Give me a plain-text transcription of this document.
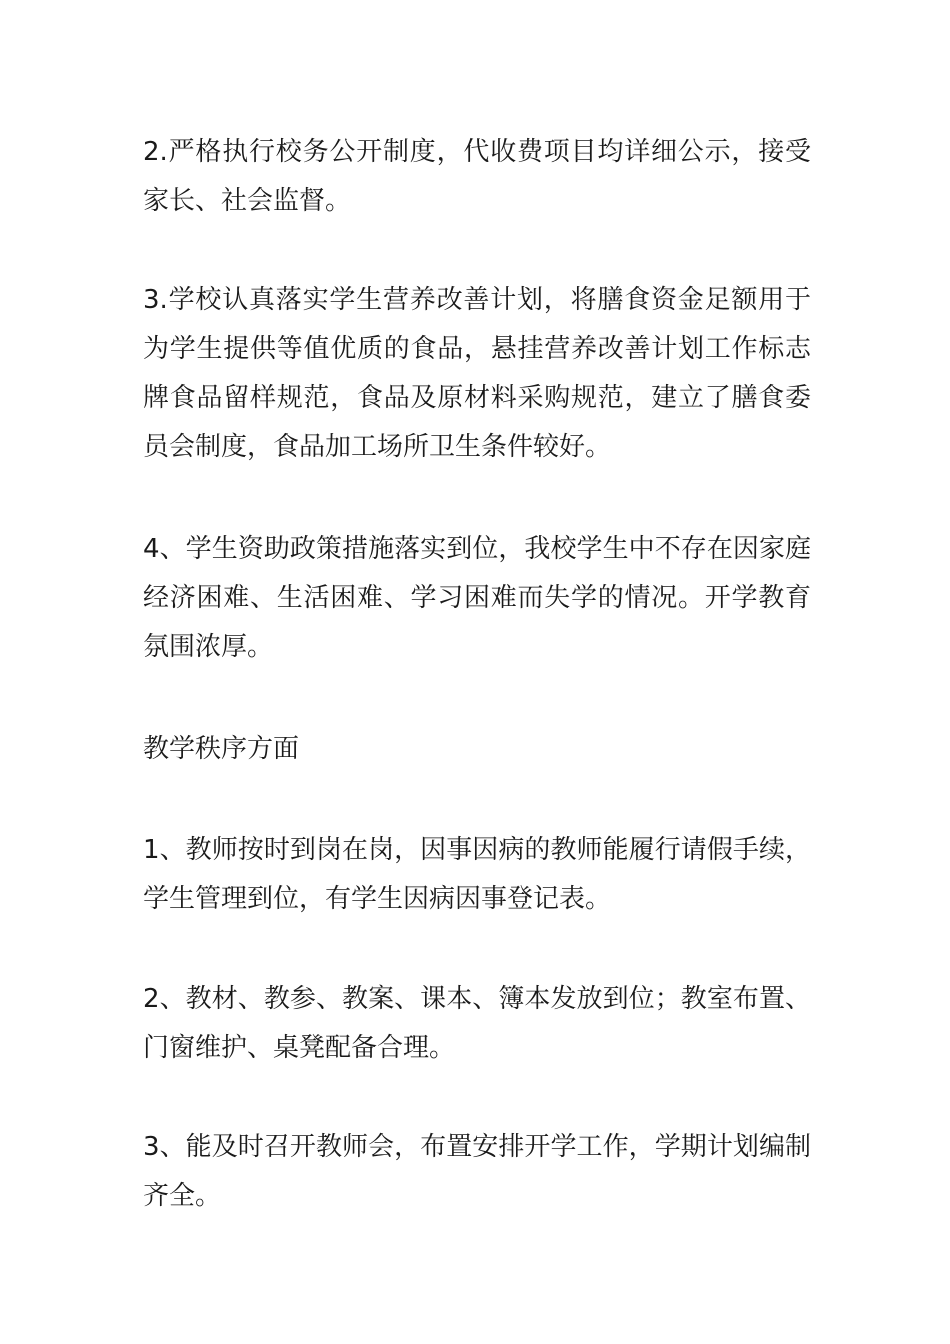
2.严格执行校务公开制度，代收费项目均详细公示，接受家长、社会监督。

3.学校认真落实学生营养改善计划，将膳食资金足额用于为学生提供等值优质的食品，悬挂营养改善计划工作标志牌食品留样规范，食品及原材料采购规范，建立了膳食委员会制度，食品加工场所卫生条件较好。

4、学生资助政策措施落实到位，我校学生中不存在因家庭经济困难、生活困难、学习困难而失学的情况。开学教育氛围浓厚。

教学秩序方面

1、教师按时到岗在岗，因事因病的教师能履行请假手续，学生管理到位，有学生因病因事登记表。

2、教材、教参、教案、课本、簿本发放到位；教室布置、门窗维护、桌凳配备合理。

3、能及时召开教师会，布置安排开学工作，学期计划编制齐全。
